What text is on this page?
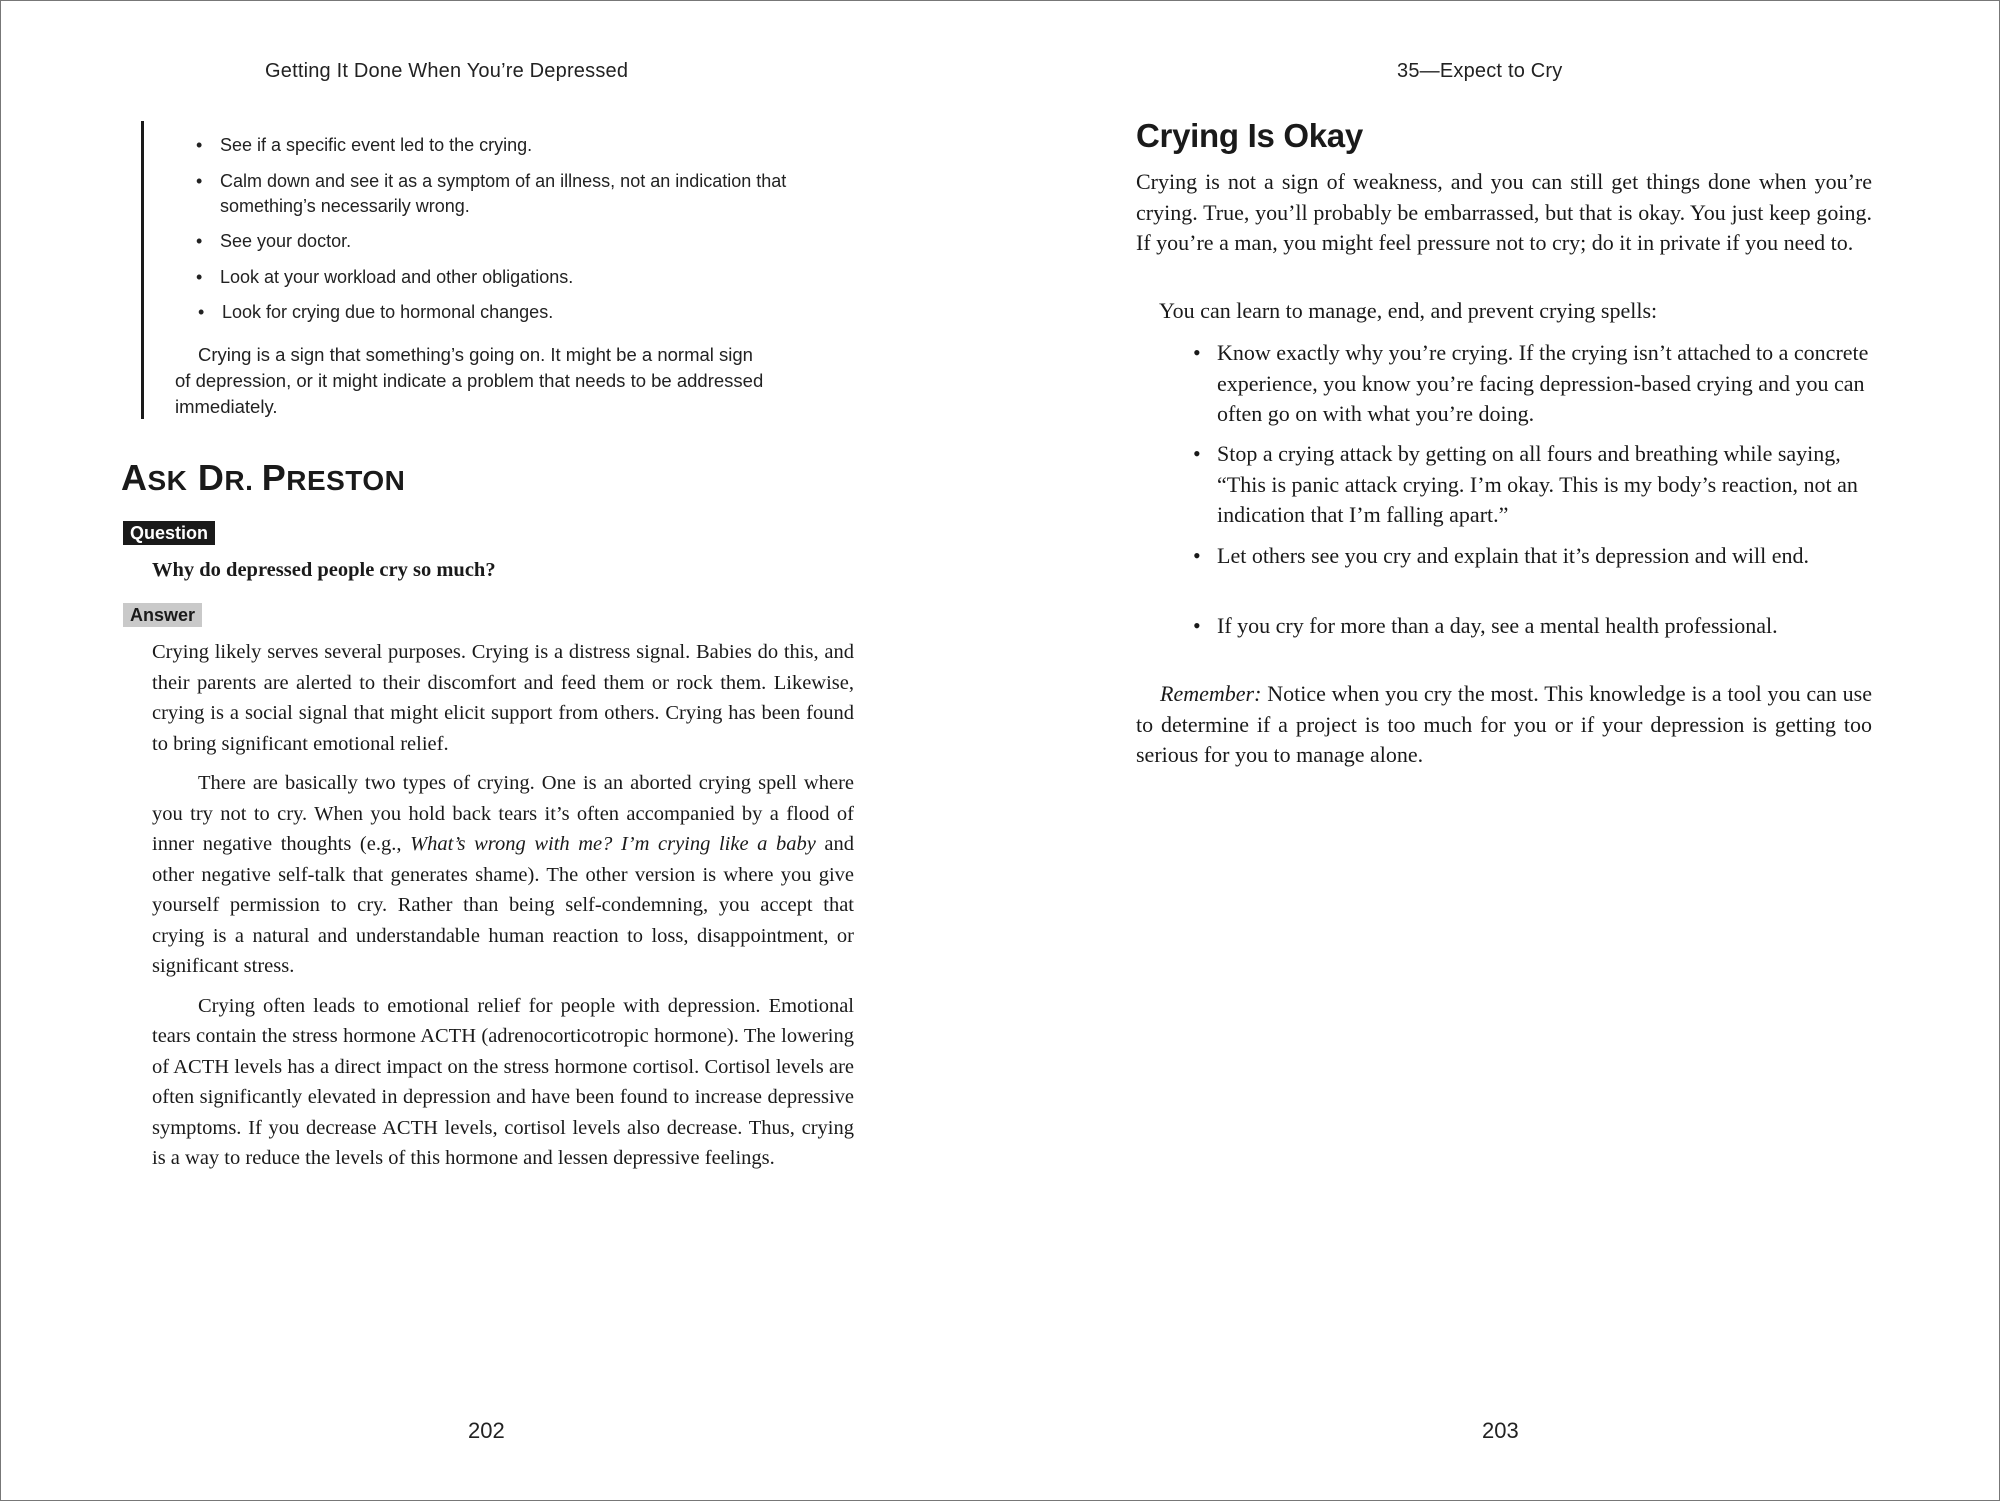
Getting It Done When You’re Depressed
• See if a specific event led to the crying.
• Calm down and see it as a symptom of an illness, not an indication that
something’s necessarily wrong.
• See your doctor.
• Look at your workload and other obligations.
• Look for crying due to hormonal changes.
Crying is a sign that something’s going on. It might be a normal sign
of depression, or it might indicate a problem that needs to be addressed
immediately.
ASK DR. PRESTON
Question
Why do depressed people cry so much?
Answer

Crying likely serves several purposes. Crying is a distress signal. Babies do this, and their parents are alerted to their discomfort and feed them or rock them. Likewise, crying is a social signal that might elicit support from others. Crying has been found to bring significant emotional relief.

There are basically two types of crying. One is an aborted crying spell where you try not to cry. When you hold back tears it’s often accompanied by a flood of inner negative thoughts (e.g., What’s wrong with me? I’m crying like a baby and other negative self-talk that generates shame). The other version is where you give yourself permission to cry. Rather than being self-condemning, you accept that crying is a natural and understandable human reaction to loss, disappointment, or significant stress.

Crying often leads to emotional relief for people with depression. Emotional tears contain the stress hormone ACTH (adrenocorticotropic hormone). The lowering of ACTH levels has a direct impact on the stress hormone cortisol. Cortisol levels are often significantly elevated in depression and have been found to increase depressive symptoms. If you decrease ACTH levels, cortisol levels also decrease. Thus, crying is a way to reduce the levels of this hormone and lessen depressive feelings.

202
35—Expect to Cry
Crying Is Okay
Crying is not a sign of weakness, and you can still get things done when you’re crying. True, you’ll probably be embarrassed, but that is okay. You just keep going. If you’re a man, you might feel pressure not to cry; do it in private if you need to.
You can learn to manage, end, and prevent crying spells:
• Know exactly why you’re crying. If the crying isn’t attached to a concrete experience, you know you’re facing depression-based crying and you can often go on with what you’re doing.
• Stop a crying attack by getting on all fours and breathing while saying, “This is panic attack crying. I’m okay. This is my body’s reaction, not an indication that I’m falling apart.”
• Let others see you cry and explain that it’s depression and will end.
• If you cry for more than a day, see a mental health professional.
Remember: Notice when you cry the most. This knowledge is a tool you can use to determine if a project is too much for you or if your depression is getting too serious for you to manage alone.
203
